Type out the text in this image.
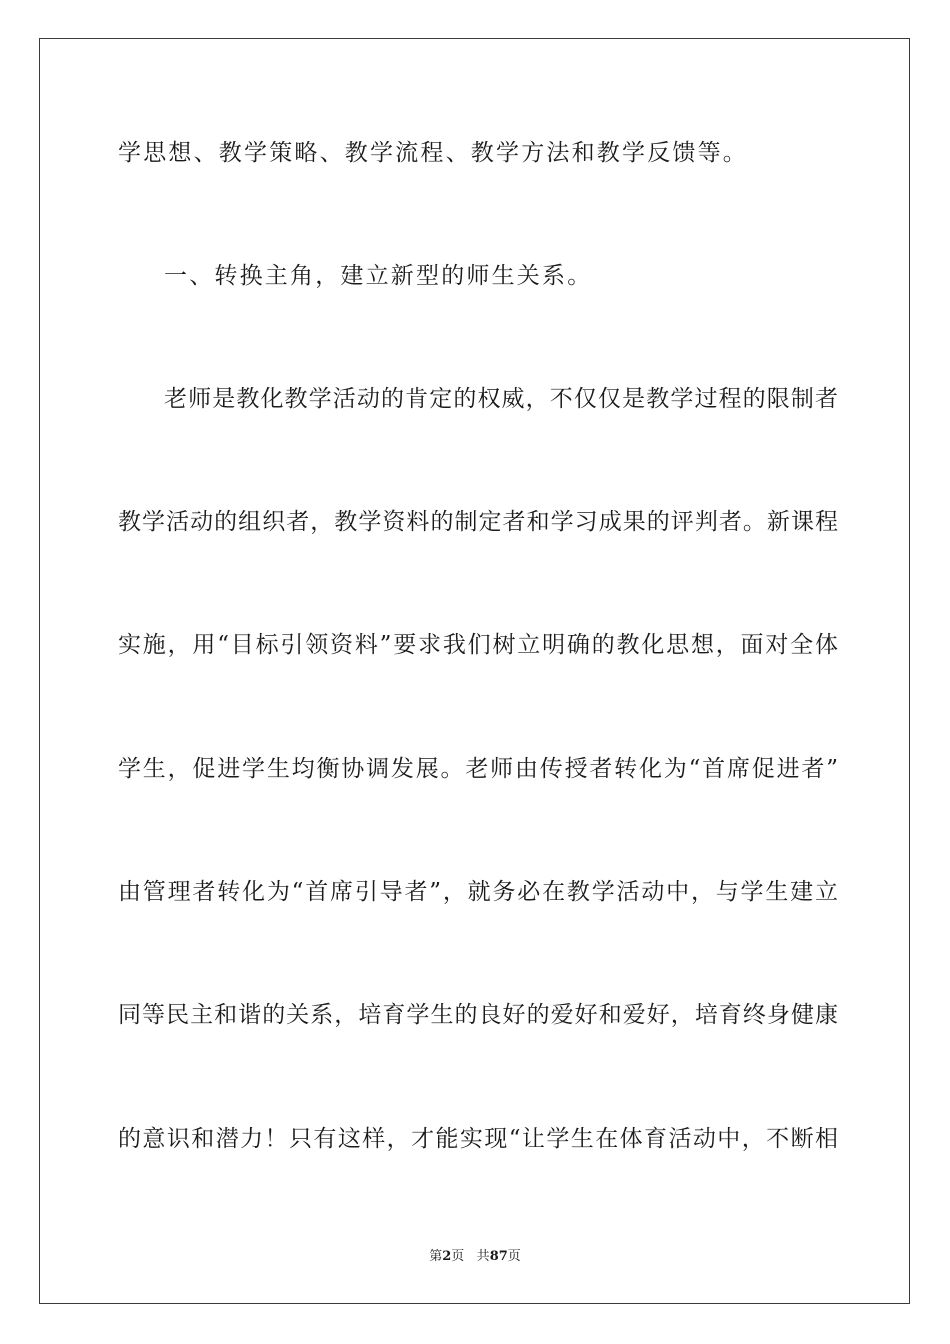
学思想、教学策略、教学流程、教学方法和教学反馈等。
一、转换主角，建立新型的师生关系。
老师是教化教学活动的肯定的权威，不仅仅是教学过程的限制者
教学活动的组织者，教学资料的制定者和学习成果的评判者。新课程
实施，用“目标引领资料”要求我们树立明确的教化思想，面对全体
学生，促进学生均衡协调发展。老师由传授者转化为“首席促进者”
由管理者转化为“首席引导者”，就务必在教学活动中，与学生建立
同等民主和谐的关系，培育学生的良好的爱好和爱好，培育终身健康
的意识和潜力！只有这样，才能实现“让学生在体育活动中，不断相
第2页 共87页
